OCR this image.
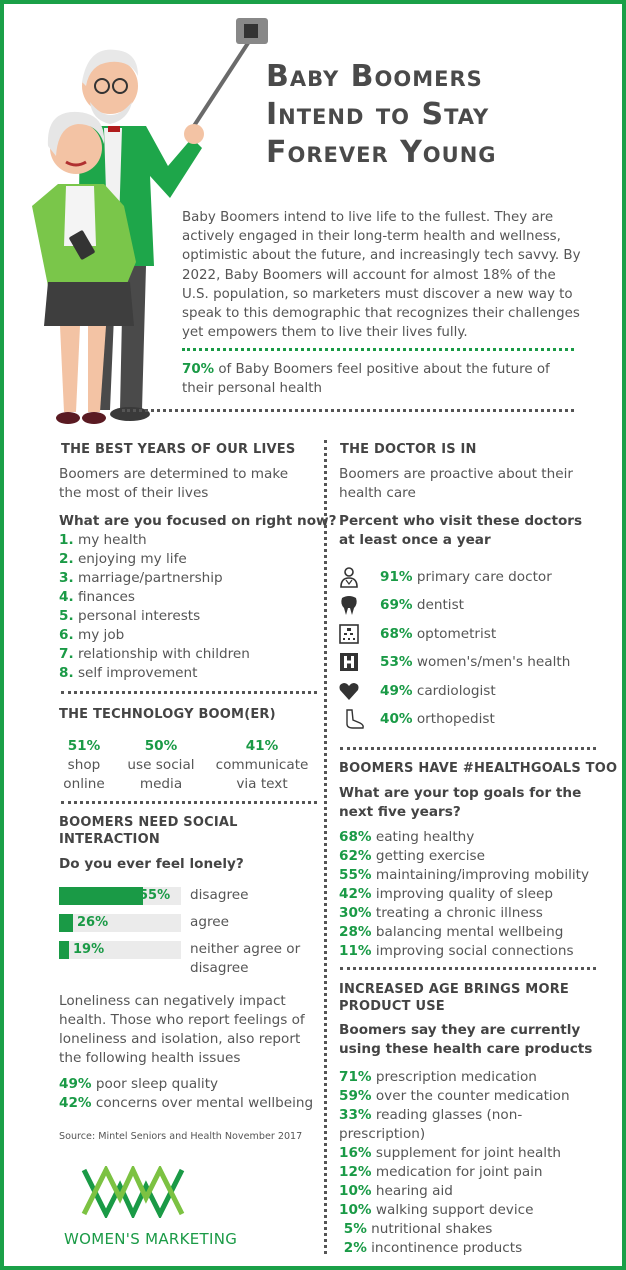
Baby Boomers
Intend to Stay
Forever Young
Baby Boomers intend to live life to the fullest. They are actively engaged in their long-term health and wellness, optimistic about the future, and increasingly tech savvy. By 2022, Baby Boomers will account for almost 18% of the U.S. population, so marketers must discover a new way to speak to this demographic that recognizes their challenges yet empowers them to live their lives fully.
70% of Baby Boomers feel positive about the future of their personal health
THE BEST YEARS OF OUR LIVES
Boomers are determined to make the most of their lives
What are you focused on right now?
1. my health
2. enjoying my life
3. marriage/partnership
4. finances
5. personal interests
6. my job
7. relationship with children
8. self improvement
THE TECHNOLOGY BOOM(ER)
51%
shop
online
50%
use social
media
41%
communicate
via text
BOOMERS NEED SOCIAL
INTERACTION
Do you ever feel lonely?
55% disagree
26%	agree
19%	neither agree or disagree
Loneliness can negatively impact health. Those who report feelings of loneliness and isolation, also report the following health issues
49% poor sleep quality
42% concerns over mental wellbeing
Source: Mintel Seniors and Health November 2017
WOMEN'S MARKETING
THE DOCTOR IS IN
Boomers are proactive about their health care
Percent who visit these doctors at least once a year
91% primary care doctor
69% dentist
68% optometrist
53% women's/men's health
49% cardiologist
40% orthopedist
BOOMERS HAVE #HEALTHGOALS TOO
What are your top goals for the next five years?
68% eating healthy
62% getting exercise
55% maintaining/improving mobility
42% improving quality of sleep
30% treating a chronic illness
28% balancing mental wellbeing
11% improving social connections
INCREASED AGE BRINGS MORE
PRODUCT USE
Boomers say they are currently using these health care products
71% prescription medication
59% over the counter medication
33% reading glasses (non-
prescription)
16% supplement for joint health
12% medication for joint pain
10% hearing aid
10% walking support device
5% nutritional shakes
2% incontinence products
